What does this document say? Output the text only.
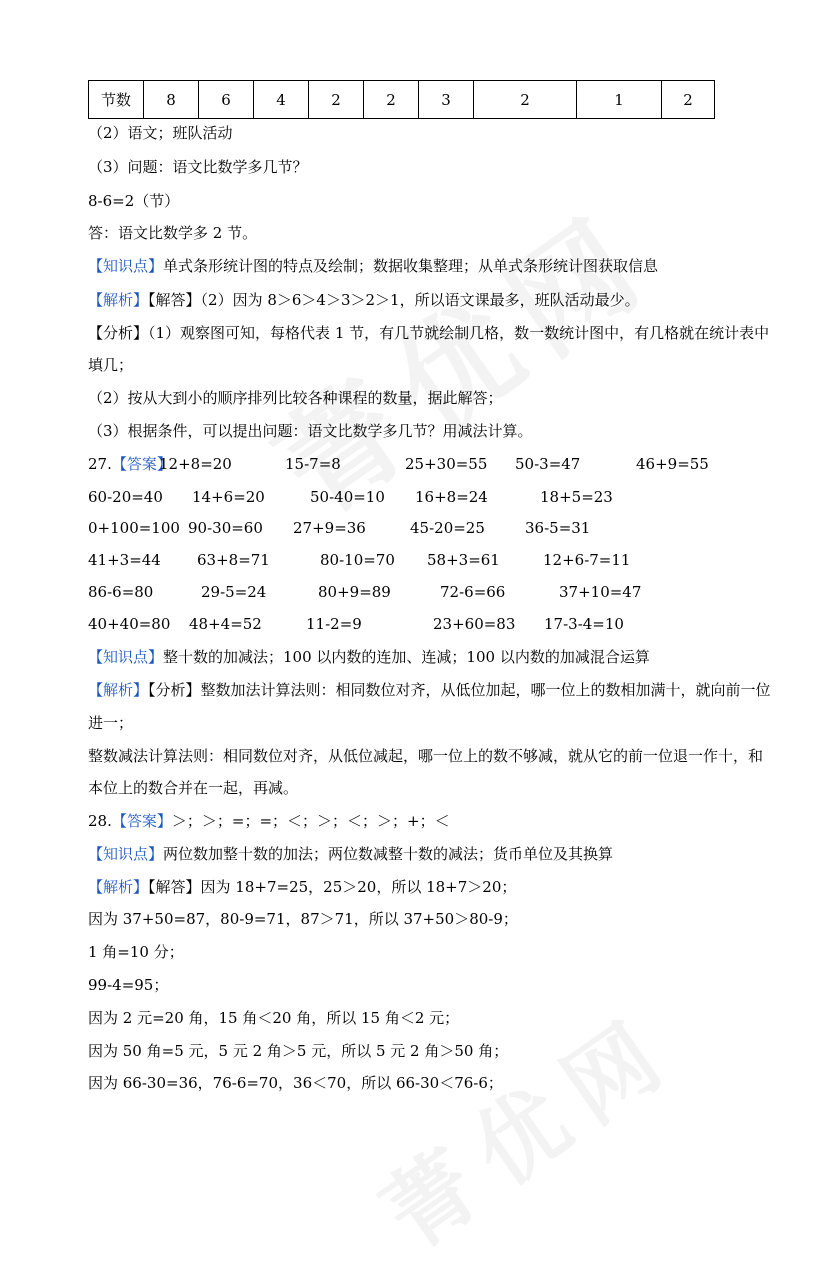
节数	8	6	4	2	2	3	2	1	2
（2）语文；班队活动
（3）问题：语文比数学多几节？
8-6=2（节）
答：语文比数学多 2 节。
【知识点】单式条形统计图的特点及绘制；数据收集整理；从单式条形统计图获取信息
【解析】【解答】（2）因为 8＞6＞4＞3＞2＞1，所以语文课最多，班队活动最少。
【分析】（1）观察图可知，每格代表 1 节，有几节就绘制几格，数一数统计图中，有几格就在统计表中
填几；
（2）按从大到小的顺序排列比较各种课程的数量，据此解答；
（3）根据条件，可以提出问题：语文比数学多几节？用减法计算。
27.【答案】
12+8=20	15-7=8	25+30=55 50-3=47	46+9=55
60-20=40 14+6=20	50-40=10 16+8=24	18+5=23
0+100=100 90-30=60 27+9=36	45-20=25	36-5=31
41+3=44 63+8=71	80-10=70 58+3=61	12+6-7=11
86-6=80	29-5=24	80+9=89	72-6=66	37+10=47
40+40=80 48+4=52	11-2=9	23+60=83 17-3-4=10
【知识点】整十数的加减法；100 以内数的连加、连减；100 以内数的加减混合运算
【解析】【分析】整数加法计算法则：相同数位对齐，从低位加起，哪一位上的数相加满十，就向前一位
进一；
整数减法计算法则：相同数位对齐，从低位减起，哪一位上的数不够减，就从它的前一位退一作十，和
本位上的数合并在一起，再减。
28.【答案】＞；＞；=；=；＜；＞；＜；＞；+；＜
【知识点】两位数加整十数的加法；两位数减整十数的减法；货币单位及其换算
【解析】【解答】因为 18+7=25，25＞20，所以 18+7＞20；
因为 37+50=87，80-9=71，87＞71，所以 37+50＞80-9；
1 角=10 分；
99-4=95；
因为 2 元=20 角，15 角＜20 角，所以 15 角＜2 元；
因为 50 角=5 元，5 元 2 角＞5 元，所以 5 元 2 角＞50 角；
因为 66-30=36，76-6=70，36＜70，所以 66-30＜76-6；
